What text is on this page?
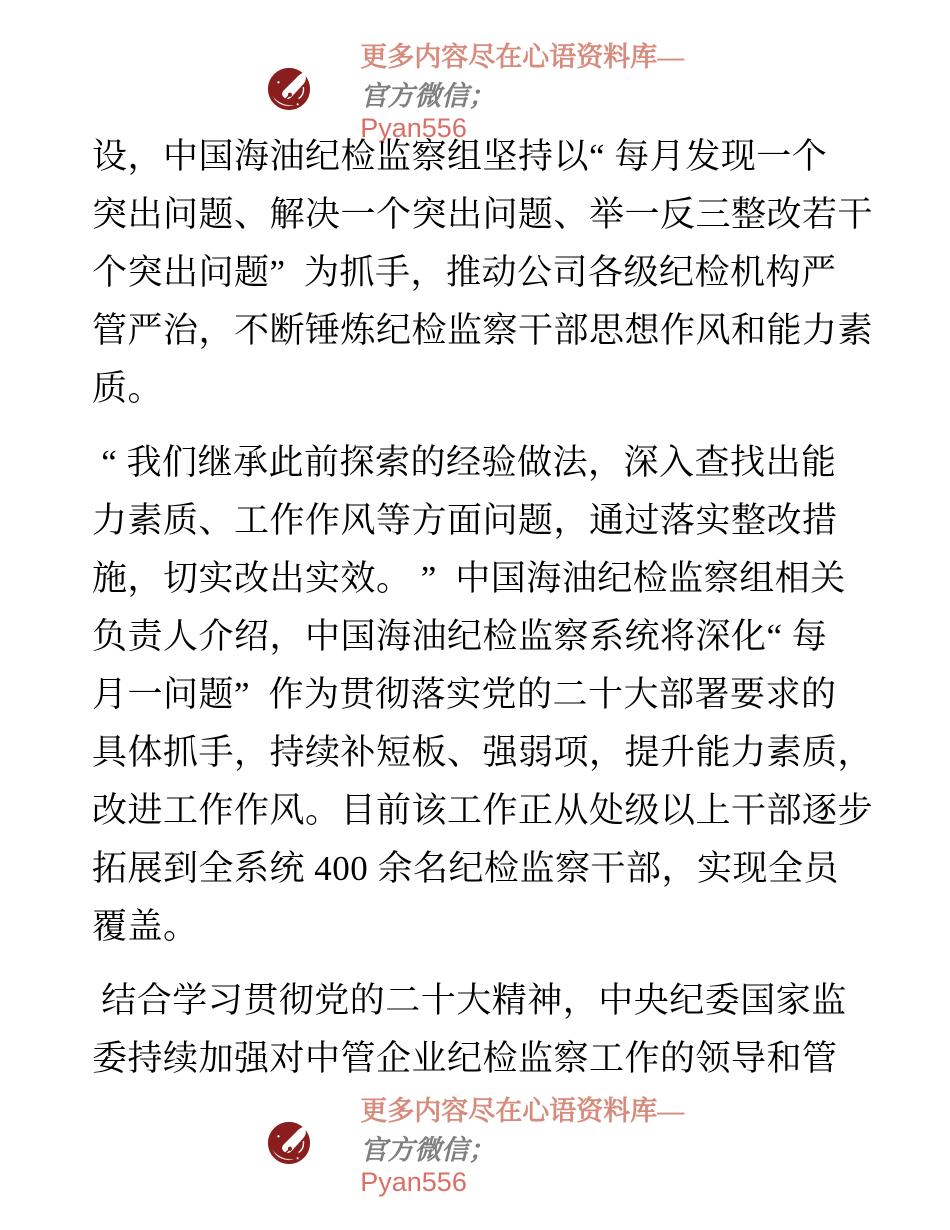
更多内容尽在心语资料库—
官方微信；
Pyan556

设，中国海油纪检监察组坚持以“ 每月发现一个
突出问题、解决一个突出问题、举一反三整改若干
个突出问题”  为抓手，推动公司各级纪检机构严
管严治，不断锤炼纪检监察干部思想作风和能力素
质。
“ 我们继承此前探索的经验做法，深入查找出能
力素质、工作作风等方面问题，通过落实整改措
施，切实改出实效。 ”  中国海油纪检监察组相关
负责人介绍，中国海油纪检监察系统将深化“ 每
月一问题”  作为贯彻落实党的二十大部署要求的
具体抓手，持续补短板、强弱项，提升能力素质，
改进工作作风。目前该工作正从处级以上干部逐步
拓展到全系统 400 余名纪检监察干部，实现全员
覆盖。
结合学习贯彻党的二十大精神，中央纪委国家监
委持续加强对中管企业纪检监察工作的领导和管

更多内容尽在心语资料库—
官方微信；
Pyan556
